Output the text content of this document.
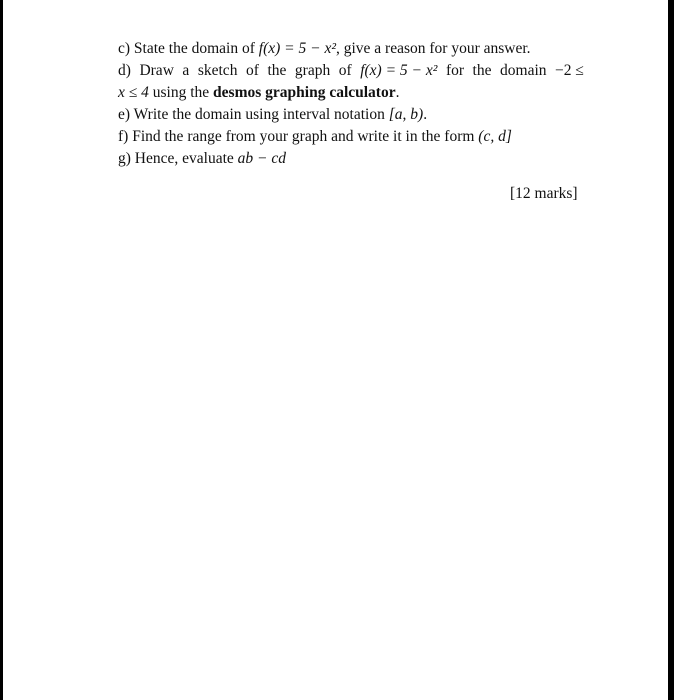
c) State the domain of f(x) = 5 − x², give a reason for your answer.
d) Draw a sketch of the graph of f(x) = 5 − x² for the domain −2 ≤
x ≤ 4 using the desmos graphing calculator.
e) Write the domain using interval notation [a, b).
f) Find the range from your graph and write it in the form (c, d]
g) Hence, evaluate ab − cd
[12 marks]
